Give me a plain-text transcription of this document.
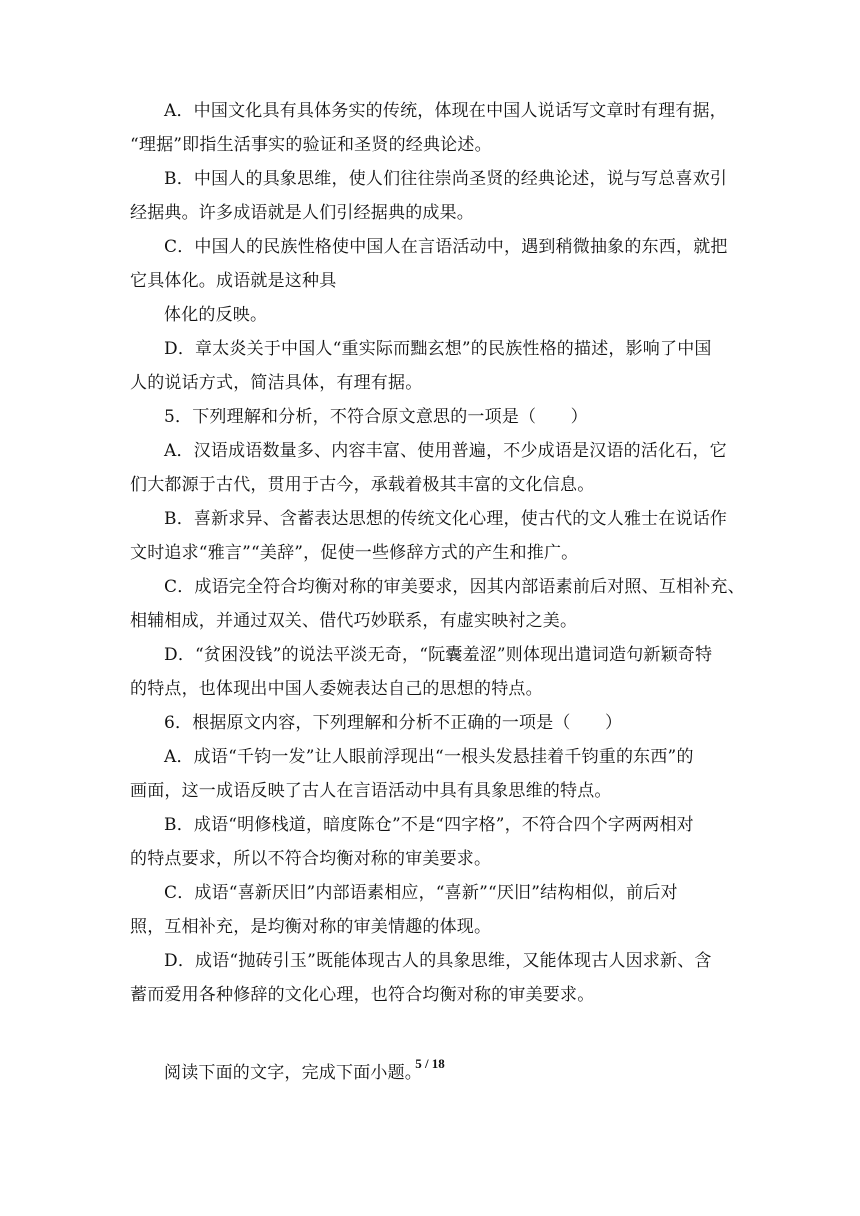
A．中国文化具有具体务实的传统，体现在中国人说话写文章时有理有据，
“理据”即指生活事实的验证和圣贤的经典论述。
B．中国人的具象思维，使人们往往崇尚圣贤的经典论述，说与写总喜欢引
经据典。许多成语就是人们引经据典的成果。
C．中国人的民族性格使中国人在言语活动中，遇到稍微抽象的东西，就把
它具体化。成语就是这种具
体化的反映。
D．章太炎关于中国人“重实际而黜玄想”的民族性格的描述，影响了中国
人的说话方式，简洁具体，有理有据。
5．下列理解和分析，不符合原文意思的一项是（　　）
A．汉语成语数量多、内容丰富、使用普遍，不少成语是汉语的活化石，它
们大都源于古代，贯用于古今，承载着极其丰富的文化信息。
B．喜新求异、含蓄表达思想的传统文化心理，使古代的文人雅士在说话作
文时追求“雅言”“美辞”，促使一些修辞方式的产生和推广。
C．成语完全符合均衡对称的审美要求，因其内部语素前后对照、互相补充、
相辅相成，并通过双关、借代巧妙联系，有虚实映衬之美。
D．“贫困没钱”的说法平淡无奇，“阮囊羞涩”则体现出遣词造句新颖奇特
的特点，也体现出中国人委婉表达自己的思想的特点。
6．根据原文内容，下列理解和分析不正确的一项是（　　）
A．成语“千钧一发”让人眼前浮现出“一根头发悬挂着千钧重的东西”的
画面，这一成语反映了古人在言语活动中具有具象思维的特点。
B．成语“明修栈道，暗度陈仓”不是“四字格”，不符合四个字两两相对
的特点要求，所以不符合均衡对称的审美要求。
C．成语“喜新厌旧”内部语素相应，“喜新”“厌旧”结构相似，前后对
照，互相补充，是均衡对称的审美情趣的体现。
D．成语“抛砖引玉”既能体现古人的具象思维，又能体现古人因求新、含
蓄而爱用各种修辞的文化心理，也符合均衡对称的审美要求。
阅读下面的文字，完成下面小题。
5 / 18
